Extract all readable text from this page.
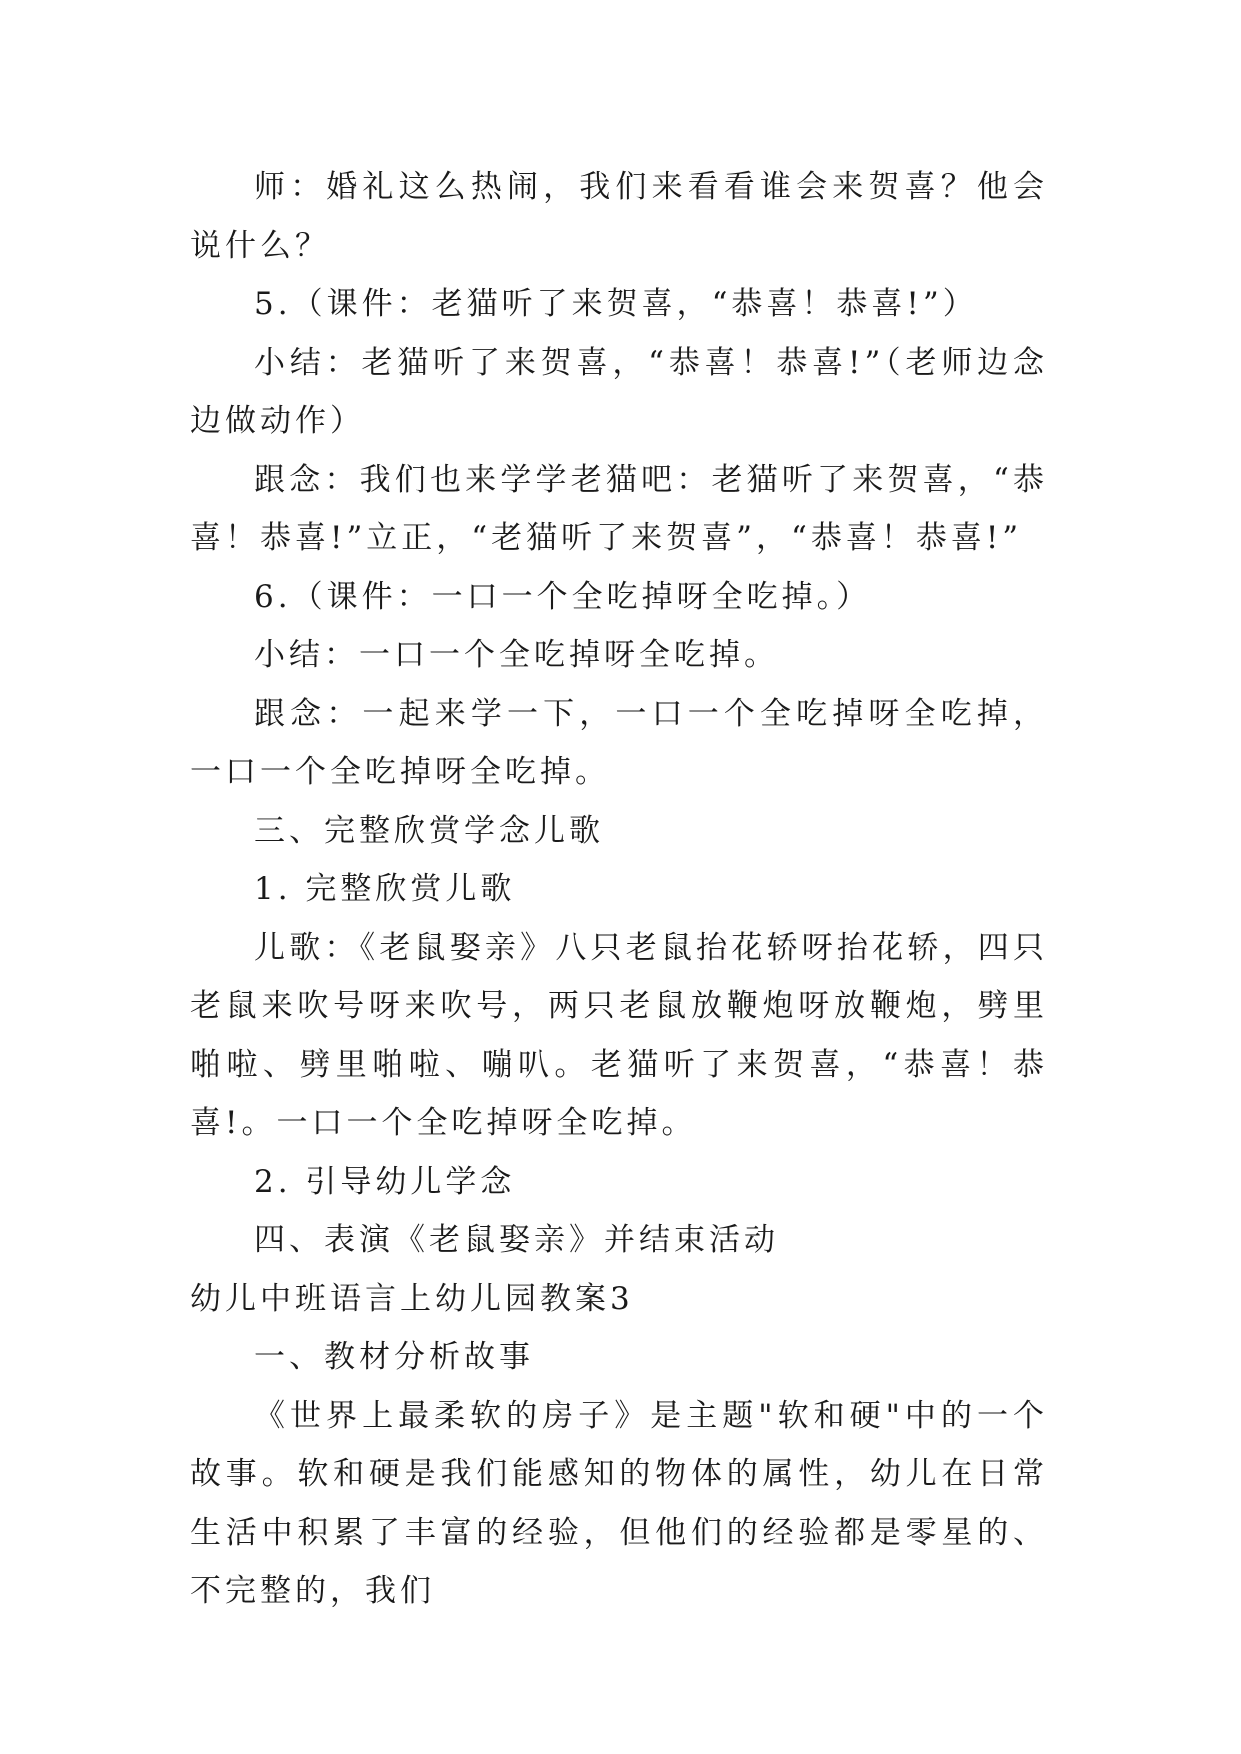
师：婚礼这么热闹，我们来看看谁会来贺喜？他会说什么？

5.（课件：老猫听了来贺喜，“恭喜！恭喜!”）

小结：老猫听了来贺喜，“恭喜！恭喜!”（老师边念边做动作）

跟念：我们也来学学老猫吧：老猫听了来贺喜，“恭喜！恭喜!”立正，“老猫听了来贺喜”，“恭喜！恭喜!”

6.（课件：一口一个全吃掉呀全吃掉。）

小结：一口一个全吃掉呀全吃掉。

跟念：一起来学一下，一口一个全吃掉呀全吃掉，一口一个全吃掉呀全吃掉。

三、完整欣赏学念儿歌

1. 完整欣赏儿歌

儿歌：《老鼠娶亲》八只老鼠抬花轿呀抬花轿，四只老鼠来吹号呀来吹号，两只老鼠放鞭炮呀放鞭炮，劈里啪啦、劈里啪啦、嘣叭。老猫听了来贺喜，“恭喜！恭喜!。一口一个全吃掉呀全吃掉。

2. 引导幼儿学念

四、表演《老鼠娶亲》并结束活动

幼儿中班语言上幼儿园教案3

一、教材分析故事

《世界上最柔软的房子》是主题"软和硬"中的一个故事。软和硬是我们能感知的物体的属性，幼儿在日常生活中积累了丰富的经验，但他们的经验都是零星的、不完整的，我们
